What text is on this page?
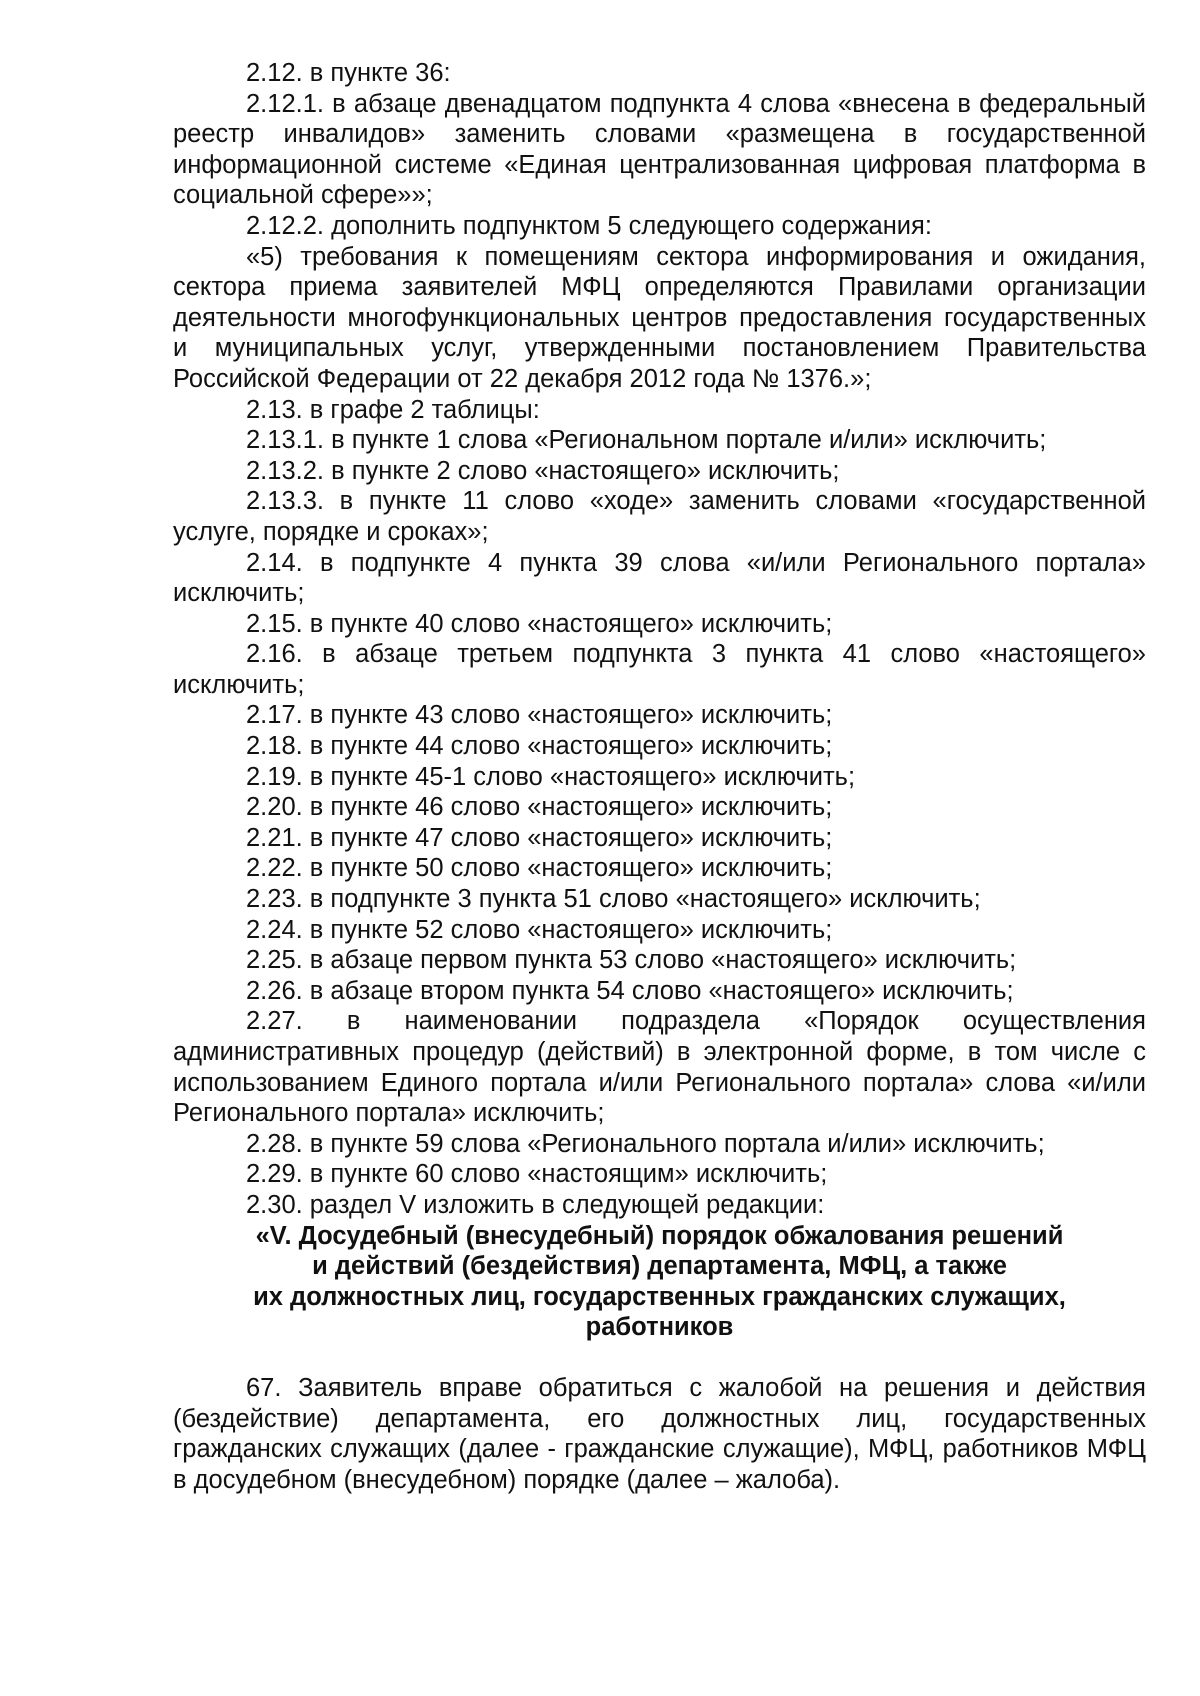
2.12. в пункте 36:

2.12.1. в абзаце двенадцатом подпункта 4 слова «внесена в федеральный реестр инвалидов» заменить словами «размещена в государственной информационной системе «Единая централизованная цифровая платформа в социальной сфере»»;

2.12.2. дополнить подпунктом 5 следующего содержания:

«5) требования к помещениям сектора информирования и ожидания, сектора приема заявителей МФЦ определяются Правилами организации деятельности многофункциональных центров предоставления государственных и муниципальных услуг, утвержденными постановлением Правительства Российской Федерации от 22 декабря 2012 года № 1376.»;

2.13. в графе 2 таблицы:

2.13.1. в пункте 1 слова «Региональном портале и/или» исключить;

2.13.2. в пункте 2 слово «настоящего» исключить;

2.13.3. в пункте 11 слово «ходе» заменить словами «государственной услуге, порядке и сроках»;

2.14. в подпункте 4 пункта 39 слова «и/или Регионального портала» исключить;

2.15. в пункте 40 слово «настоящего» исключить;

2.16. в абзаце третьем подпункта 3 пункта 41 слово «настоящего» исключить;

2.17. в пункте 43 слово «настоящего» исключить;

2.18. в пункте 44 слово «настоящего» исключить;

2.19. в пункте 45-1 слово «настоящего» исключить;

2.20. в пункте 46 слово «настоящего» исключить;

2.21. в пункте 47 слово «настоящего» исключить;

2.22. в пункте 50 слово «настоящего» исключить;

2.23. в подпункте 3 пункта 51 слово «настоящего» исключить;

2.24. в пункте 52 слово «настоящего» исключить;

2.25. в абзаце первом пункта 53 слово «настоящего» исключить;

2.26. в абзаце втором пункта 54 слово «настоящего» исключить;

2.27. в наименовании подраздела «Порядок осуществления административных процедур (действий) в электронной форме, в том числе с использованием Единого портала и/или Регионального портала» слова «и/или Регионального портала» исключить;

2.28. в пункте 59 слова «Регионального портала и/или» исключить;

2.29. в пункте 60 слово «настоящим» исключить;

2.30. раздел V изложить в следующей редакции:

«V. Досудебный (внесудебный) порядок обжалования решений
и действий (бездействия) департамента, МФЦ, а также
их должностных лиц, государственных гражданских служащих,
работников

67. Заявитель вправе обратиться с жалобой на решения и действия (бездействие) департамента, его должностных лиц, государственных гражданских служащих (далее - гражданские служащие), МФЦ, работников МФЦ в досудебном (внесудебном) порядке (далее – жалоба).
